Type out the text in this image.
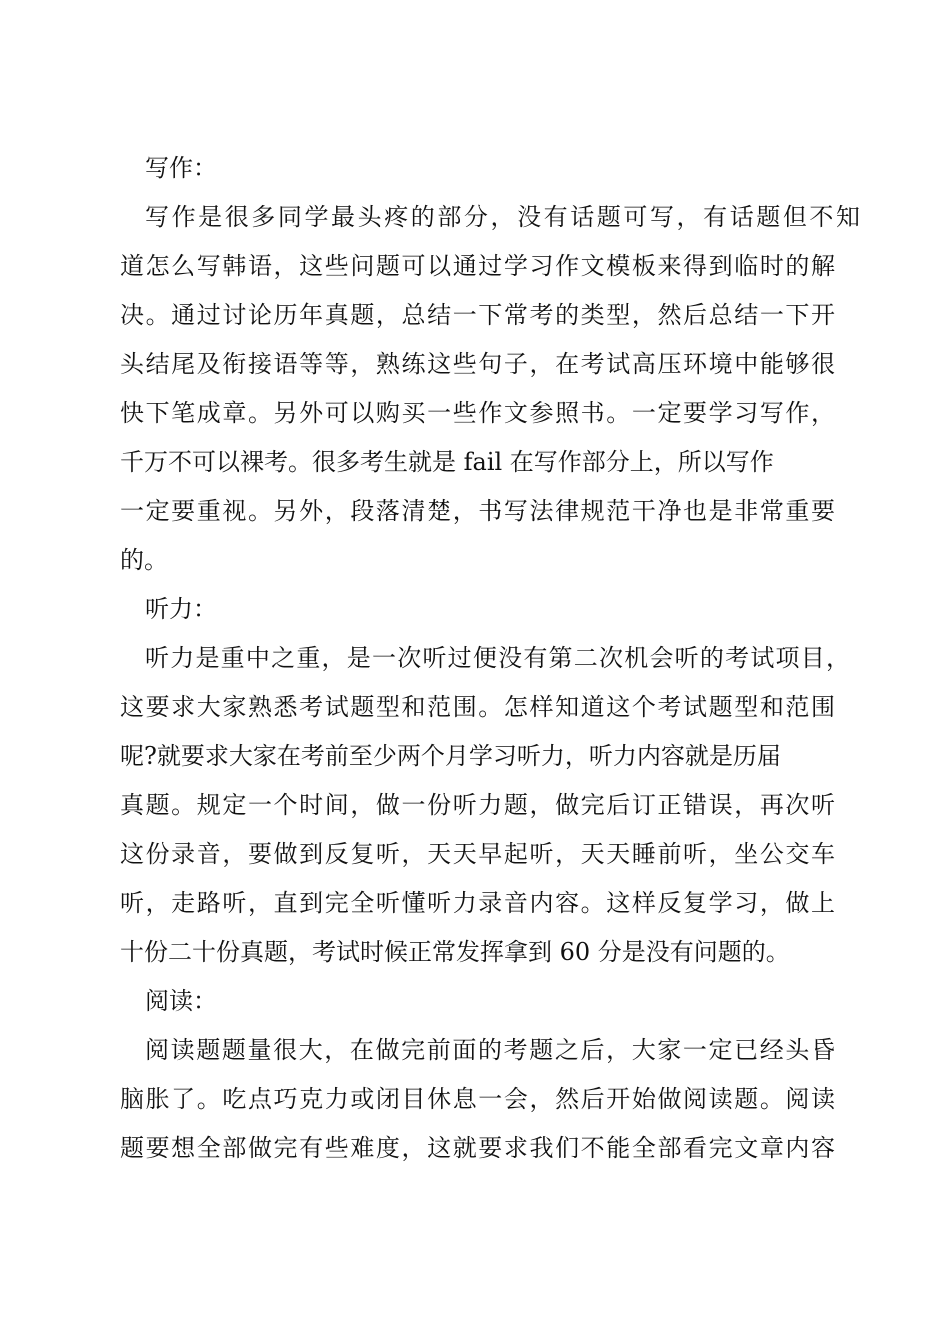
写作：
写作是很多同学最头疼的部分，没有话题可写，有话题但不知
道怎么写韩语，这些问题可以通过学习作文模板来得到临时的解
决。通过讨论历年真题，总结一下常考的类型，然后总结一下开
头结尾及衔接语等等，熟练这些句子，在考试高压环境中能够很
快下笔成章。另外可以购买一些作文参照书。一定要学习写作，
千万不可以裸考。很多考生就是 fail 在写作部分上，所以写作
一定要重视。另外，段落清楚，书写法律规范干净也是非常重要
的。
听力：
听力是重中之重，是一次听过便没有第二次机会听的考试项目，
这要求大家熟悉考试题型和范围。怎样知道这个考试题型和范围
呢?就要求大家在考前至少两个月学习听力，听力内容就是历届
真题。规定一个时间，做一份听力题，做完后订正错误，再次听
这份录音，要做到反复听，天天早起听，天天睡前听，坐公交车
听，走路听，直到完全听懂听力录音内容。这样反复学习，做上
十份二十份真题，考试时候正常发挥拿到 60 分是没有问题的。
阅读：
阅读题题量很大，在做完前面的考题之后，大家一定已经头昏
脑胀了。吃点巧克力或闭目休息一会，然后开始做阅读题。阅读
题要想全部做完有些难度，这就要求我们不能全部看完文章内容
